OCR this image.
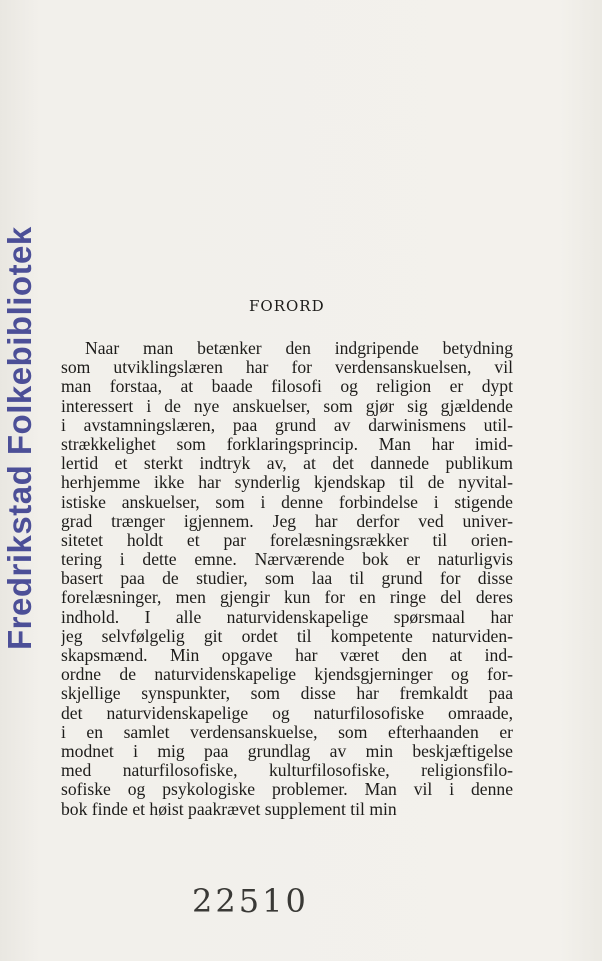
Fredrikstad Folkebibliotek	FORORD
Naar man betænker den indgripende betydning
som utviklingslæren har for verdensanskuelsen, vil
man forstaa, at baade filosofi og religion er dypt
interessert i de nye anskuelser, som gjør sig gjældende
i avstamningslæren, paa grund av darwinismens util-
strækkelighet som forklaringsprincip. Man har imid-
lertid et sterkt indtryk av, at det dannede publikum
herhjemme ikke har synderlig kjendskap til de nyvital-
istiske anskuelser, som i denne forbindelse i stigende
grad trænger igjennem. Jeg har derfor ved univer-
sitetet holdt et par forelæsningsrækker til orien-
tering i dette emne. Nærværende bok er naturligvis
basert paa de studier, som laa til grund for disse
forelæsninger, men gjengir kun for en ringe del deres
indhold. I alle naturvidenskapelige spørsmaal har
jeg selvfølgelig git ordet til kompetente naturviden-
skapsmænd. Min opgave har været den at ind-
ordne de naturvidenskapelige kjendsgjerninger og for-
skjellige synspunkter, som disse har fremkaldt paa
det naturvidenskapelige og naturfilosofiske omraade,
i en samlet verdensanskuelse, som efterhaanden er
modnet i mig paa grundlag av min beskjæftigelse
med naturfilosofiske, kulturfilosofiske, religionsfilo-
sofiske og psykologiske problemer. Man vil i denne
bok finde et høist paakrævet supplement til min
22510
